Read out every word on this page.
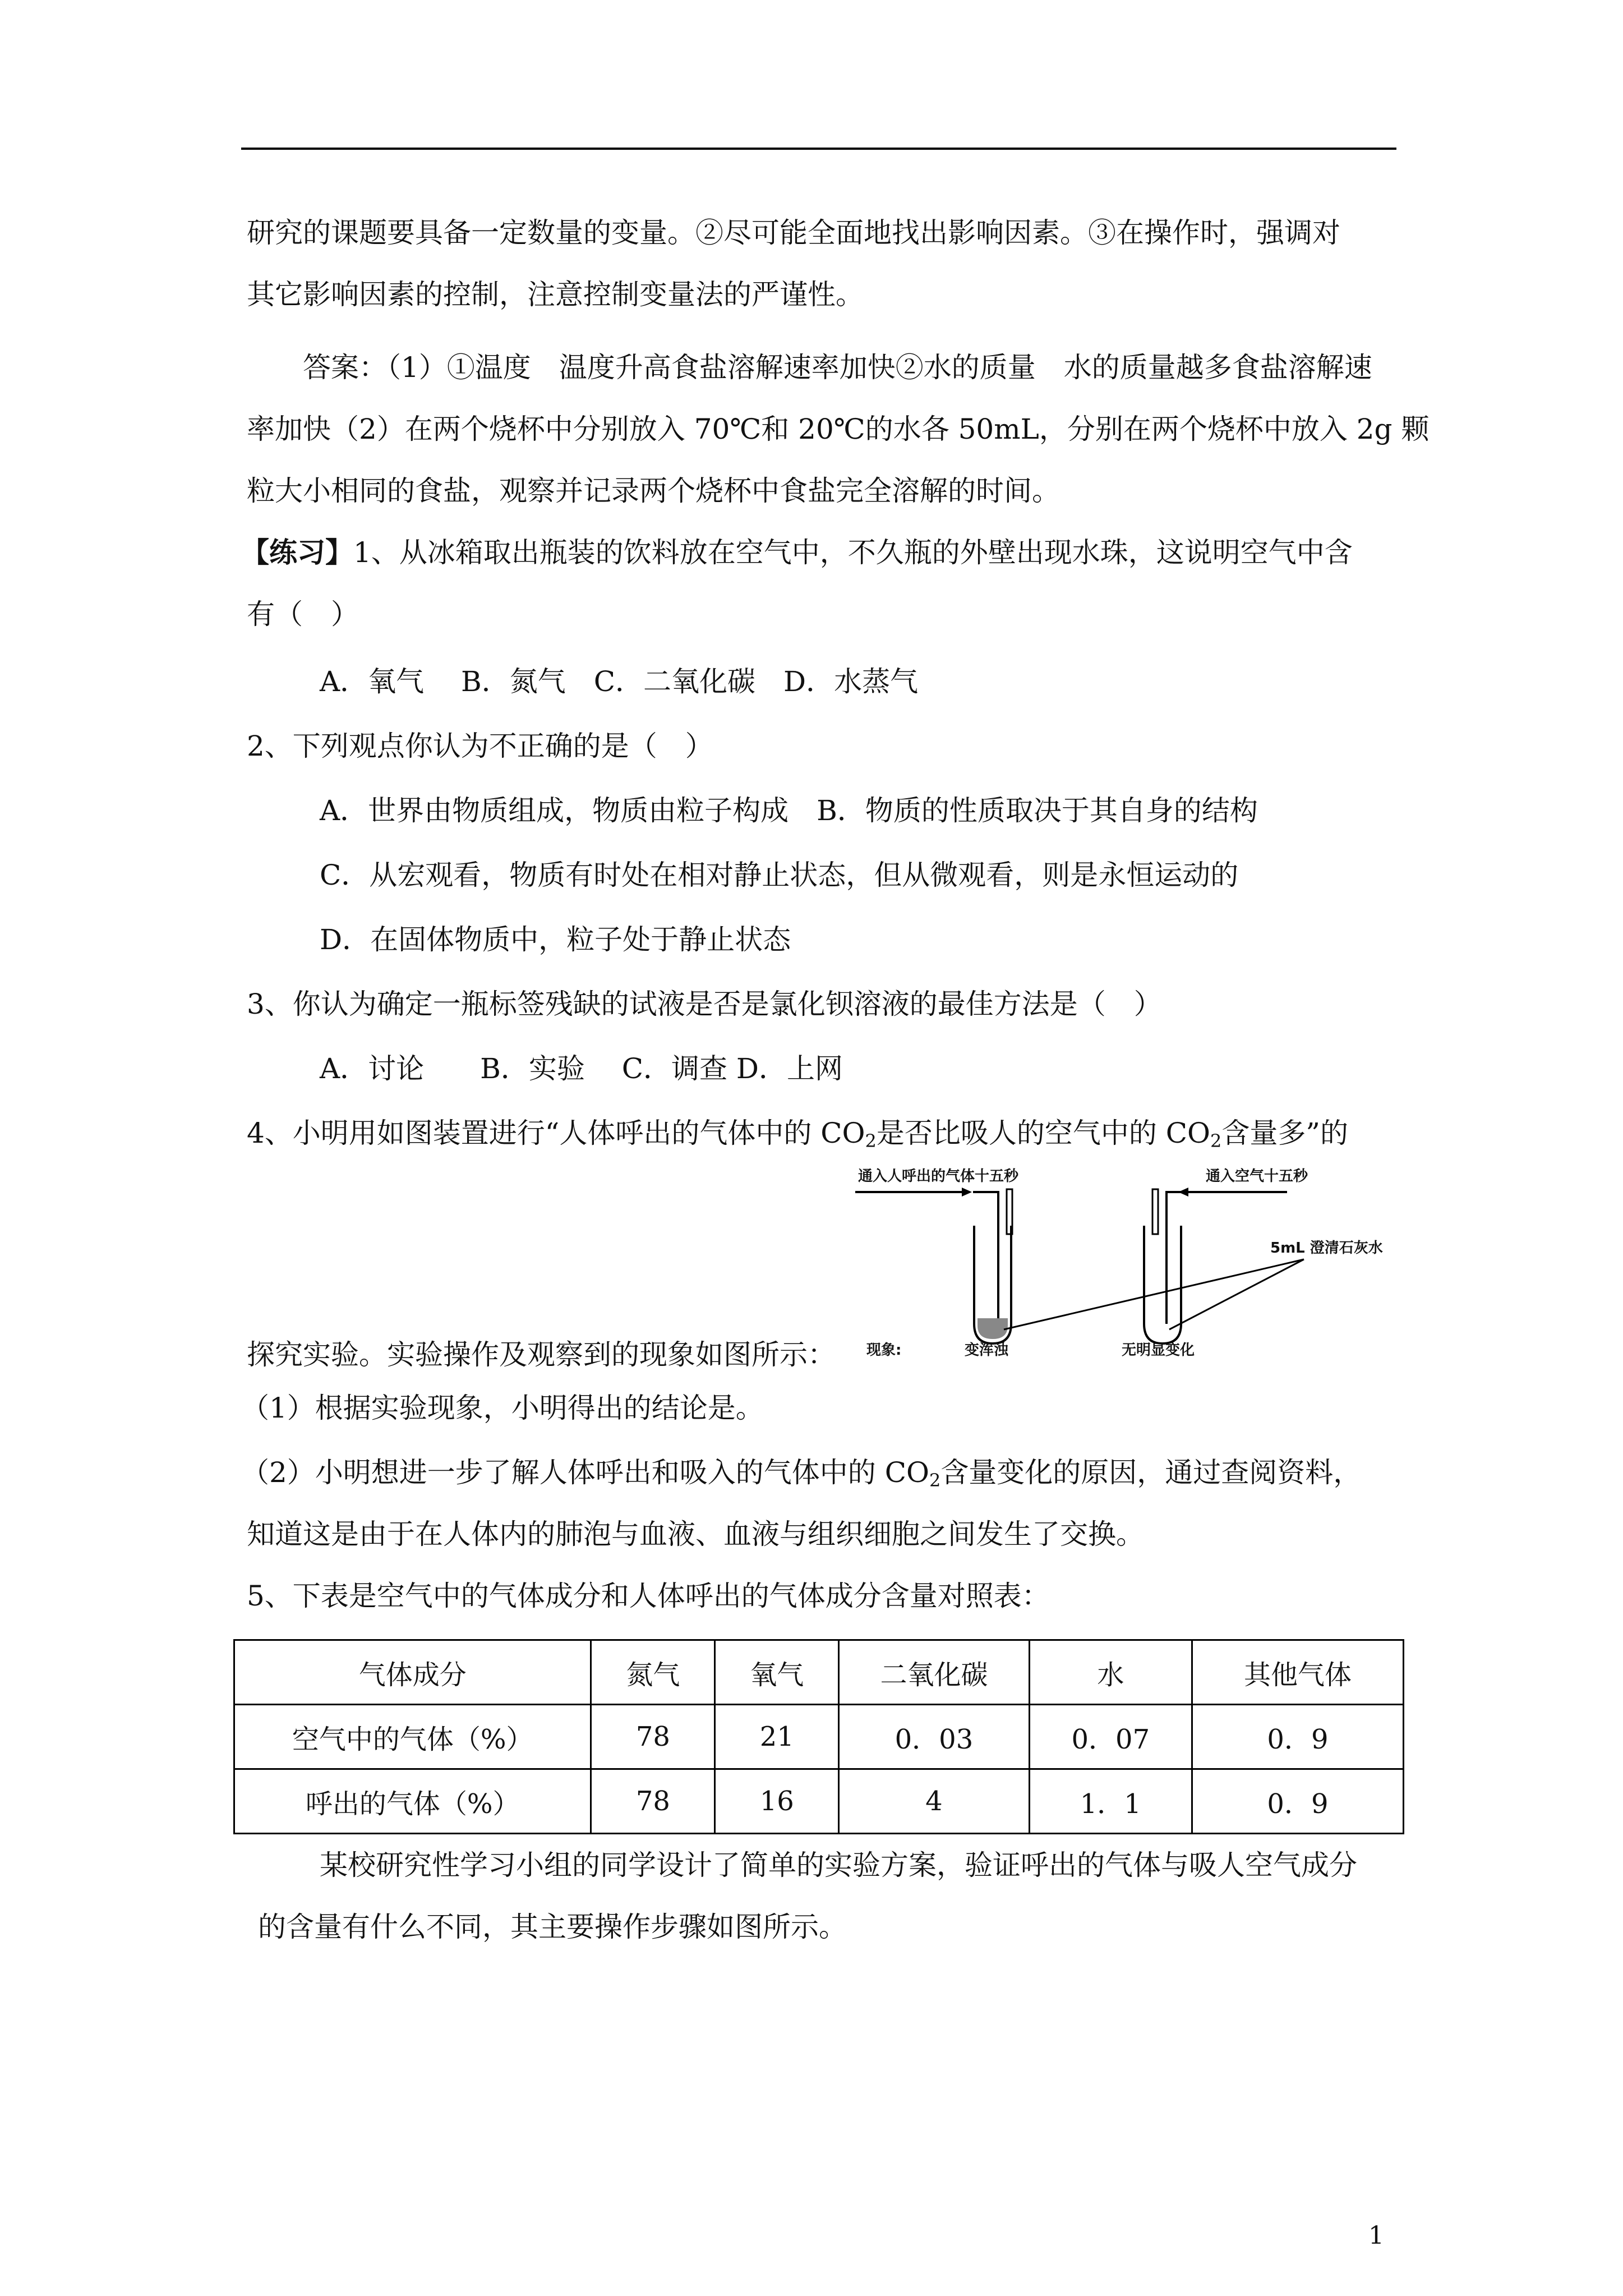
研究的课题要具备一定数量的变量。②尽可能全面地找出影响因素。③在操作时，强调对
其它影响因素的控制，注意控制变量法的严谨性。
答案：（1）①温度　温度升高食盐溶解速率加快②水的质量　水的质量越多食盐溶解速
率加快（2）在两个烧杯中分别放入 70℃和 20℃的水各 50mL，分别在两个烧杯中放入 2g 颗
粒大小相同的食盐，观察并记录两个烧杯中食盐完全溶解的时间。
【练习】1、从冰箱取出瓶装的饮料放在空气中，不久瓶的外壁出现水珠，这说明空气中含
有（　）
A．氧气　 B．氮气　C．二氧化碳　D．水蒸气
2、下列观点你认为不正确的是（　）
A．世界由物质组成，物质由粒子构成　B．物质的性质取决于其自身的结构
C．从宏观看，物质有时处在相对静止状态，但从微观看，则是永恒运动的
D．在固体物质中，粒子处于静止状态
3、你认为确定一瓶标签残缺的试液是否是氯化钡溶液的最佳方法是（　）
A．讨论　　B．实验　 C．调查 D．上网
4、小明用如图装置进行“人体呼出的气体中的 $CO_2$是否比吸人的空气中的 $CO_2$含量多”的
通入人呼出的气体十五秒	通入空气十五秒
5mL 澄清石灰水
现象:	变浑浊	无明显变化
探究实验。实验操作及观察到的现象如图所示：
（1）根据实验现象，小明得出的结论是。
（2）小明想进一步了解人体呼出和吸入的气体中的 $CO_2$含量变化的原因，通过查阅资料，
知道这是由于在人体内的肺泡与血液、血液与组织细胞之间发生了交换。
5、下表是空气中的气体成分和人体呼出的气体成分含量对照表：
气体成分	氮气	氧气	二氧化碳	水	其他气体
空气中的气体（%）	78	21	0．03	0．07	0．9
呼出的气体（%）	78	16	4	1．1	0．9
某校研究性学习小组的同学设计了简单的实验方案，验证呼出的气体与吸人空气成分
的含量有什么不同，其主要操作步骤如图所示。
1
